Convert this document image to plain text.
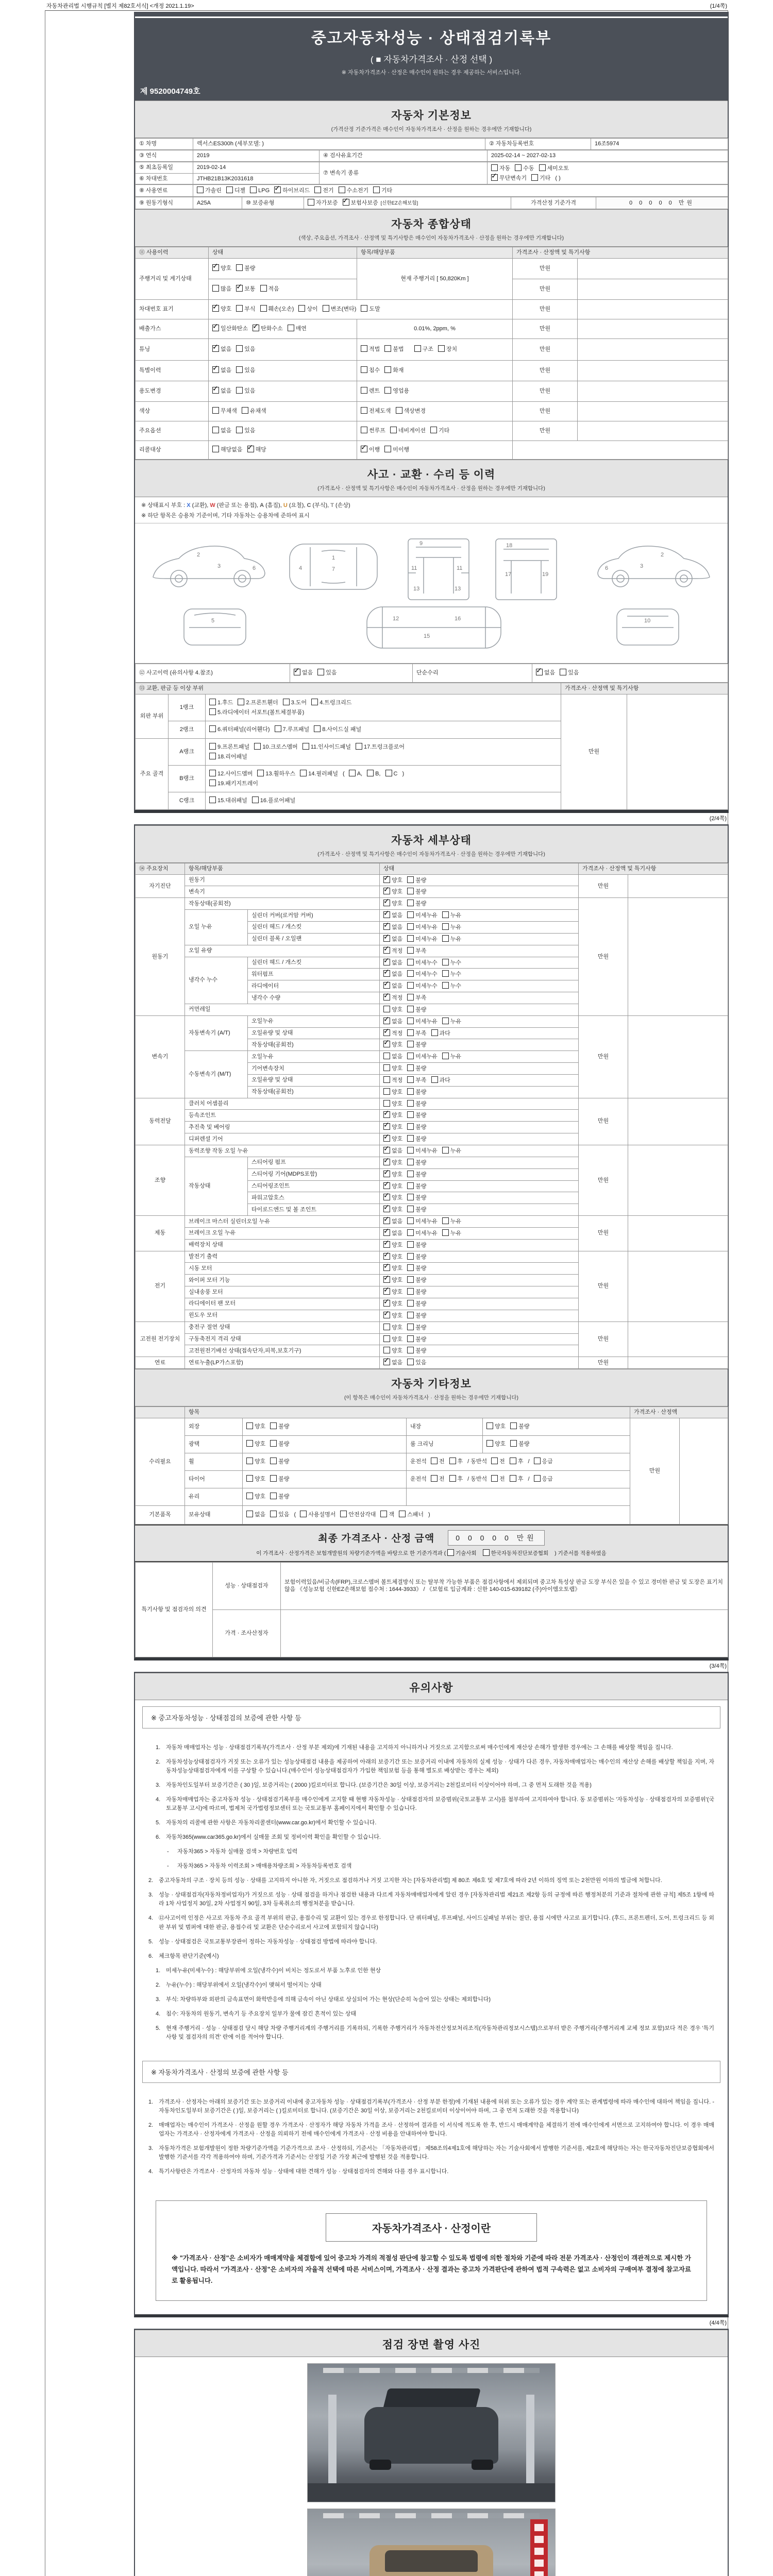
자동차관리법 시행규칙 [별지 제82호서식] <개정 2021.1.19>	(1/4쪽)
중고자동차성능 · 상태점검기록부
( ■ 자동차가격조사 · 산정 선택 )
※ 자동차가격조사 · 산정은 매수인이 원하는 경우 제공하는 서비스입니다.
제 9520004749호
자동차 기본정보
(가격산정 기준가격은 매수인이 자동차가격조사 · 산정을 원하는 경우에만 기재합니다)
① 차명	렉서스ES300h (세부모델: )	② 자동차등록번호	16조5974
③ 연식	2019	④ 검사유효기간	2025-02-14 ~ 2027-02-13
⑤ 최초등록일	2019-02-14	⑦ 변속기 종류	자동 수동 세미오토
✓무단변속기 기타 ( )
⑥ 차대번호	JTHB21B13K2031618		
⑧ 사용연료	가솔린 디젤 LPG ✓ 하이브리드 전기 수소전기 기타
⑨ 원동기형식	A25A	⑩ 보증유형	자가보증 ✓ 보험사보증 [신한EZ손해보험]	가격산정 기준가격	0 0 0 0 0 만원
자동차 종합상태
(색상, 주요옵션, 가격조사 · 산정액 및 특기사항은 매수인이 자동차가격조사 · 산정을 원하는 경우에만 기재합니다)
⑪ 사용이력	상태	항목/해당부품	가격조사 · 산정액 및 특기사항	
주행거리 및 계기상태	✓양호 불량	현재 주행거리 [ 50,820Km ]	만원	
	많음 ✓ 보통 적음		만원	
차대번호 표기	✓양호 부식 훼손(오손) 상이 변조(변타) 도말		만원	
배출가스	✓일산화탄소 ✓ 탄화수소 매연	0.01%, 2ppm, %	만원	
튜닝	✓없음 있음	적법 불법 구조 장치	만원	
특별이력	✓없음 있음	침수 화재	만원	
용도변경	✓없음 있음	렌트 영업용	만원	
색상	무채색 유채색	전체도색 색상변경	만원	
주요옵션	없음 있음	썬루프 네비게이션 기타	만원	
리콜대상	해당없음 ✓ 해당	✓이행 미이행	
사고 · 교환 · 수리 등 이력
(가격조사 · 산정액 및 특기사항은 매수인이 자동차가격조사 · 산정을 원하는 경우에만 기재합니다)
※ 상태표시 부호 : X (교환), W (판금 또는 용접), A (흠집), U (요철), C (부식), T (손상)
※ 하단 항목은 승용차 기준이며, 기타 자동차는 승용차에 준하여 표시
2
3	6
1
7
4
9
11	11
13	13
18
17	19
2
3
6
5	12
15
16	10
⑫ 사고이력 (유의사항 4.참조)	✓없음 있음	단순수리	✓없음 있음
⑬ 교환, 판금 등 이상 부위			가격조사 · 산정액 및 특기사항	
외판 부위	1랭크	1.후드 2.프론트휀더 3.도어 4.트렁크리드
5.라디에이터 서포트(볼트체결부품)	만원	
	2랭크	6.쿼터패널(리어휀다) 7.루프패널 8.사이드실 패널		
주요 골격	A랭크	9.프론트패널 10.크로스멤버 11.인사이드패널 17.트렁크플로어
18.리어패널		
	B랭크	12.사이드멤버 13.휠하우스 14.필러패널 ( A, B, C )
19.패키지트레이		
	C랭크	15.대쉬패널 16.플로어패널		
(2/4쪽)
자동차 세부상태
(가격조사 · 산정액 및 특기사항은 매수인이 자동차가격조사 · 산정을 원하는 경우에만 기재합니다)
⑭ 주요장치	항목/해당부품		상태	가격조사 · 산정액 및 특기사항	
자기진단	원동기	✓양호 불량	만원	
	변속기	✓양호 불량
원동기	작동상태(공회전)	✓양호 불량	만원	
	오일 누유	실린더 커버(로커암 커버)	✓없음 미세누유 누유
		실린더 헤드 / 개스킷	✓없음 미세누유 누유
		실린더 블록 / 오일팬	✓없음 미세누유 누유
	오일 유량	✓적정 부족
	냉각수 누수	실린더 헤드 / 개스킷	✓없음 미세누수 누수
		워터펌프	✓없음 미세누수 누수
		라디에이터	✓없음 미세누수 누수
		냉각수 수량	✓적정 부족
	커먼레일		양호 불량		
변속기	자동변속기 (A/T)	오일누유	✓없음 미세누유 누유	만원	
		오일유량 및 상태	✓적정 부족 과다
		작동상태(공회전)	✓양호 불량
	수동변속기 (M/T)	오일누유	없음 미세누유 누유		
		기어변속장치	양호 불량		
		오일유량 및 상태	적정 부족 과다		
		작동상태(공회전)	양호 불량		
동력전달	클러치 어셈블리		양호 불량	만원	
	등속조인트	✓양호 불량
	추진축 및 베어링	✓양호 불량
	디퍼렌셜 기어	✓양호 불량
조향	동력조향 작동 오일 누유	✓없음 미세누유 누유	만원	
	작동상태	스티어링 펌프	✓양호 불량
		스티어링 기어(MDPS포함)	✓양호 불량
		스티어링조인트	✓양호 불량
		파워고압호스	✓양호 불량
		타이로드엔드 및 볼 조인트	✓양호 불량
제동	브레이크 마스터 실린더오일 누유	✓없음 미세누유 누유	만원	
	브레이크 오일 누유	✓없음 미세누유 누유
	배력장치 상태	✓양호 불량
전기	발전기 출력	✓양호 불량	만원	
	시동 모터	✓양호 불량
	와이퍼 모터 기능	✓양호 불량
	실내송풍 모터	✓양호 불량
	라디에이터 팬 모터	✓양호 불량
	윈도우 모터	✓양호 불량
고전원 전기장치	충전구 절연 상태		양호 불량	만원	
	구동축전지 격리 상태		양호 불량		
	고전원전기배선 상태(접속단자,피복,보호기구)		양호 불량		
연료	연료누출(LP가스포함)	✓없음 있음	만원	
자동차 기타정보
(이 항목은 매수인이 자동차가격조사 · 산정을 원하는 경우에만 기재합니다)
	항목				가격조사 · 산정액	
수리필요	외장	양호 불량	내장	양호 불량	만원	
	광택	양호 불량	룸 크리닝	양호 불량		
	휠	양호 불량	운전석 전 후 / 동반석 전 후 / 응급			
	타이어	양호 불량	운전석 전 후 / 동반석 전 후 / 응급			
	유리	양호 불량				
기본품목	보유상태	없음 있음 ( 사용설명서 안전삼각대 잭 스패너 )				
최종 가격조사 · 산정 금액	0 0 0 0 0 만원
이 가격조사 · 산정가격은 보험개발원의 차량기준가액을 바탕으로 한 기준가격과 ( 기술사회	한국자동차진단보증협회 ) 기준서를 적용하였음
특기사항 및 점검자의 의견	성능 · 상태점검자	보험이력있음/비금속(FRP),크로스멤버 볼트체결방식 또는 탈부착 가능한 부품은 점검사항에서 제외되며 중고차 특성상 판금 도장 부식은 있을 수 있고 경미한 판금 및 도장은 표기치 않음 《성능보험 신한EZ손해보험 접수처 : 1644-3933》 / 《보험료 입금계좌 : 신한 140-015-639182 (주)아이엠오토랩》
	가격 · 조사산정자	
(3/4쪽)
유의사항
※ 중고자동차성능 · 상태점검의 보증에 관한 사항 등
1. 자동차 매매업자는 성능 · 상태점검기록부(가격조사 · 산정 부분 제외)에 기재된 내용을 고지하지 아니하거나 거짓으로 고지함으로써 매수인에게 재산상 손해가 발생한 경우에는 그 손해를 배상할 책임을 집니다.
2. 자동차성능상태점검자가 거짓 또는 오류가 있는 성능상태점검 내용을 제공하여 아래의 보증기간 또는 보증거리 이내에 자동차의 실제 성능 · 상태가 다른 경우, 자동차매매업자는 매수인의 재산상 손해를 배상할 책임을 지며, 자동차성능상태점검자에게 이를 구상할 수 있습니다.(매수인이 성능상태점검자가 가입한 책임보험 등을 통해 별도로 배상받는 경우는 제외)
3. 자동차인도일부터 보증기간은 ( 30 )일, 보증거리는 ( 2000 )킬로미터로 합니다. (보증기간은 30일 이상, 보증거리는 2천킬로미터 이상이어야 하며, 그 중 먼저 도래한 것을 적용)
4. 자동차매매업자는 중고자동차 성능 · 상태점검기록부를 매수인에게 고지할 때 현행 자동차성능 · 상태점검자의 보증범위(국토교통부 고시)를 첨부하여 고지하여야 합니다. 동 보증범위는 '자동차성능 · 상태점검자의 보증범위'(국토교통부 고시)에 따르며, 법제처 국가법령정보센터 또는 국토교통부 홈페이지에서 확인할 수 있습니다.
5. 자동차의 리콜에 관한 사항은 자동차리콜센터(www.car.go.kr)에서 확인할 수 있습니다.
6. 자동차365(www.car365.go.kr)에서 실매물 조회 및 정비이력 확인을 확인할 수 있습니다.
-	자동차365 > 자동차 실매물 검색 > 차량번호 입력
-	자동차365 > 자동차 이력조회 > 매매용차량조회 > 자동차등록번호 검색
2. 중고자동차의 구조 · 장치 등의 성능 · 상태를 고지하지 아니한 자, 거짓으로 점검하거나 거짓 고지한 자는 [자동차관리법] 제 80조 제6호 및 제7호에 따라 2년 이하의 징역 또는 2천만원 이하의 벌금에 처합니다.
3. 성능 · 상태점검자(자동차정비업자)가 거짓으로 성능 · 상태 점검을 하거나 점검한 내용과 다르게 자동차매매업자에게 알린 경우 [자동차관리법 제21조 제2항 등의 규정에 따른 행정처분의 기준과 절차에 관한 규칙] 제5조 1항에 따라 1차 사업정지 30일, 2차 사업정지 90일, 3차 등록취소의 행정처분을 받습니다.
4. ⑫사고이력 인정은 사고로 자동차 주요 골격 부위의 판금, 용접수리 및 교환이 있는 경우로 한정합니다. 단 쿼터패널, 루프패널, 사이드실패널 부위는 절단, 용접 시에만 사고로 표기합니다. (후드, 프론트펜더, 도어, 트렁크리드 등 외판 부위 및 범퍼에 대한 판금, 용접수리 및 교환은 단순수리로서 사고에 포함되지 않습니다)
5. 성능 · 상태점검은 국토교통부장관이 정하는 자동차성능 · 상태점검 방법에 따라야 합니다.
6. 체크항목 판단기준(예시)
1. 미세누유(미세누수) : 해당부위에 오일(냉각수)이 비치는 정도로서 부품 노후로 인한 현상
2. 누유(누수) : 해당부위에서 오일(냉각수)이 맺혀서 떨어지는 상태
3. 부식: 차량하부와 외판의 금속표면이 화학반응에 의해 금속이 아닌 상태로 상실되어 가는 현상(단순히 녹슬어 있는 상태는 제외합니다)
4. 침수: 자동차의 원동기, 변속기 등 주요장치 일부가 물에 잠긴 흔적이 있는 상태
5. 현재 주행거리 · 성능 · 상태점검 당시 해당 차량 주행거리계의 주행거리를 기록하되, 기록한 주행거리가 자동차전산정보처리조직(자동차관리정보시스템)으로부터 받은 주행거리(주행거리계 교체 정보 포함)보다 적은 경우 '특기사항 및 점검자의 의견' 란에 이를 적어야 합니다.
※ 자동차가격조사 · 산정의 보증에 관한 사항 등
1. 가격조사 · 산정자는 아래의 보증기간 또는 보증거리 이내에 중고자동차 성능 · 상태점검기록부(가격조사 · 산정 부분 한정)에 기재된 내용에 허위 또는 오류가 있는 경우 계약 또는 관계법령에 따라 매수인에 대하여 책임을 집니다. - 자동차인도일부터 보증기간은 ( )일, 보증거리는 ( )킬로미터로 합니다. (보증기간은 30일 이상, 보증거리는 2천킬로미터 이상이어야 하며, 그 중 먼저 도래한 것을 적용합니다)
2. 매매업자는 매수인이 가격조사 · 산정을 원할 경우 가격조사 · 산정자가 해당 자동차 가격을 조사 · 산정하여 결과를 이 서식에 적도록 한 후, 반드시 매매계약을 체결하기 전에 매수인에게 서면으로 고지하여야 합니다. 이 경우 매매업자는 가격조사 · 산정자에게 가격조사 · 산정을 의뢰하기 전에 매수인에게 가격조사 · 산정 비용을 안내하여야 합니다.
3. 자동차가격은 보험개발원이 정한 차량기준가액을 기준가격으로 조사 · 산정하되, 기준서는 「자동차관리법」 제58조의4제1호에 해당하는 자는 기술사회에서 발행한 기준서를, 제2호에 해당하는 자는 한국자동차진단보증협회에서 발행한 기준서를 각각 적용하여야 하며, 기준가격과 기준서는 산정일 기준 가장 최근에 발행된 것을 적용합니다.
4. 특기사항란은 가격조사 · 산정자의 자동차 성능 · 상태에 대한 견해가 성능 · 상태점검자의 견해와 다를 경우 표시합니다.
자동차가격조사 · 산정이란
※ "가격조사 · 산정"은 소비자가 매매계약을 체결함에 있어 중고차 가격의 적절성 판단에 참고할 수 있도록 법령에 의한 절차와 기준에 따라 전문 가격조사 · 산정인이 객관적으로 제시한 가액입니다. 따라서 "가격조사 · 산정"은 소비자의 자율적 선택에 따른 서비스이며, 가격조사 · 산정 결과는 중고차 가격판단에 관하여 법적 구속력은 없고 소비자의 구매여부 결정에 참고자료로 활용됩니다.
(4/4쪽)
점검 장면 촬영 사진
